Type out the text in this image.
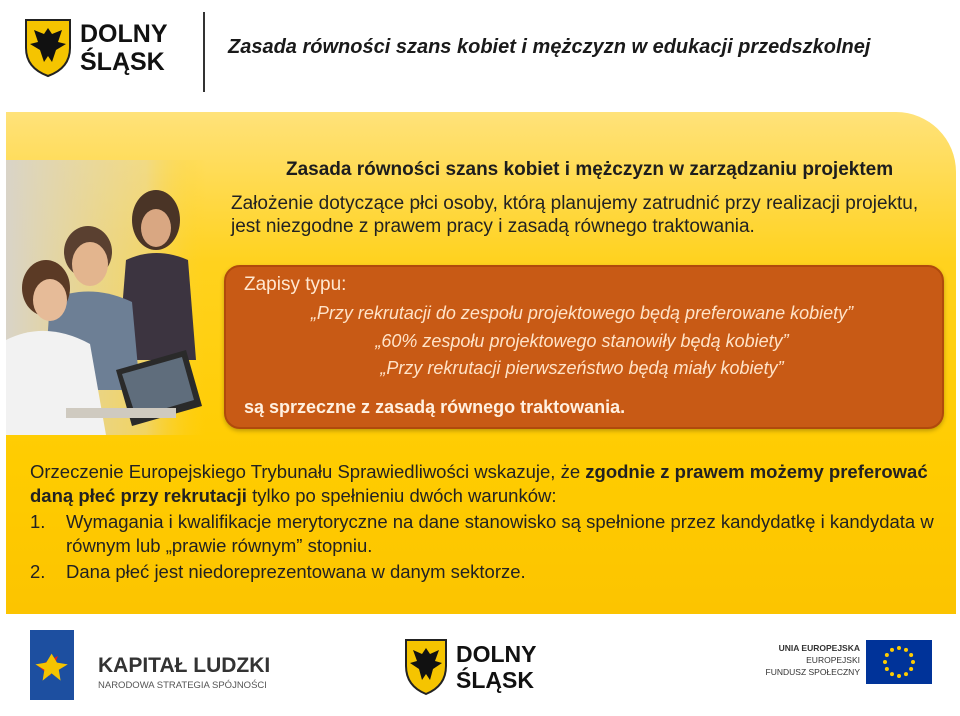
DOLNY
ŚLĄSK
Zasada równości szans kobiet i mężczyzn w edukacji przedszkolnej
Zasada równości szans kobiet i mężczyzn w zarządzaniu projektem
Założenie dotyczące płci osoby, którą planujemy zatrudnić przy realizacji projektu, jest niezgodne z prawem pracy i zasadą równego traktowania.
Zapisy typu:
„Przy rekrutacji do zespołu projektowego będą preferowane kobiety”
„60% zespołu projektowego stanowiły będą kobiety”
„Przy rekrutacji pierwszeństwo będą miały kobiety”
są sprzeczne z zasadą równego traktowania.
Orzeczenie Europejskiego Trybunału Sprawiedliwości wskazuje, że zgodnie z prawem możemy preferować daną płeć przy rekrutacji tylko po spełnieniu dwóch warunków:
1.	Wymagania i kwalifikacje merytoryczne na dane stanowisko są spełnione przez kandydatkę i kandydata w równym lub „prawie równym” stopniu.
2.	Dana płeć jest niedoreprezentowana w danym sektorze.
KAPITAŁ LUDZKI
NARODOWA STRATEGIA SPÓJNOŚCI
DOLNY
ŚLĄSK
UNIA EUROPEJSKA
EUROPEJSKI
FUNDUSZ SPOŁECZNY
